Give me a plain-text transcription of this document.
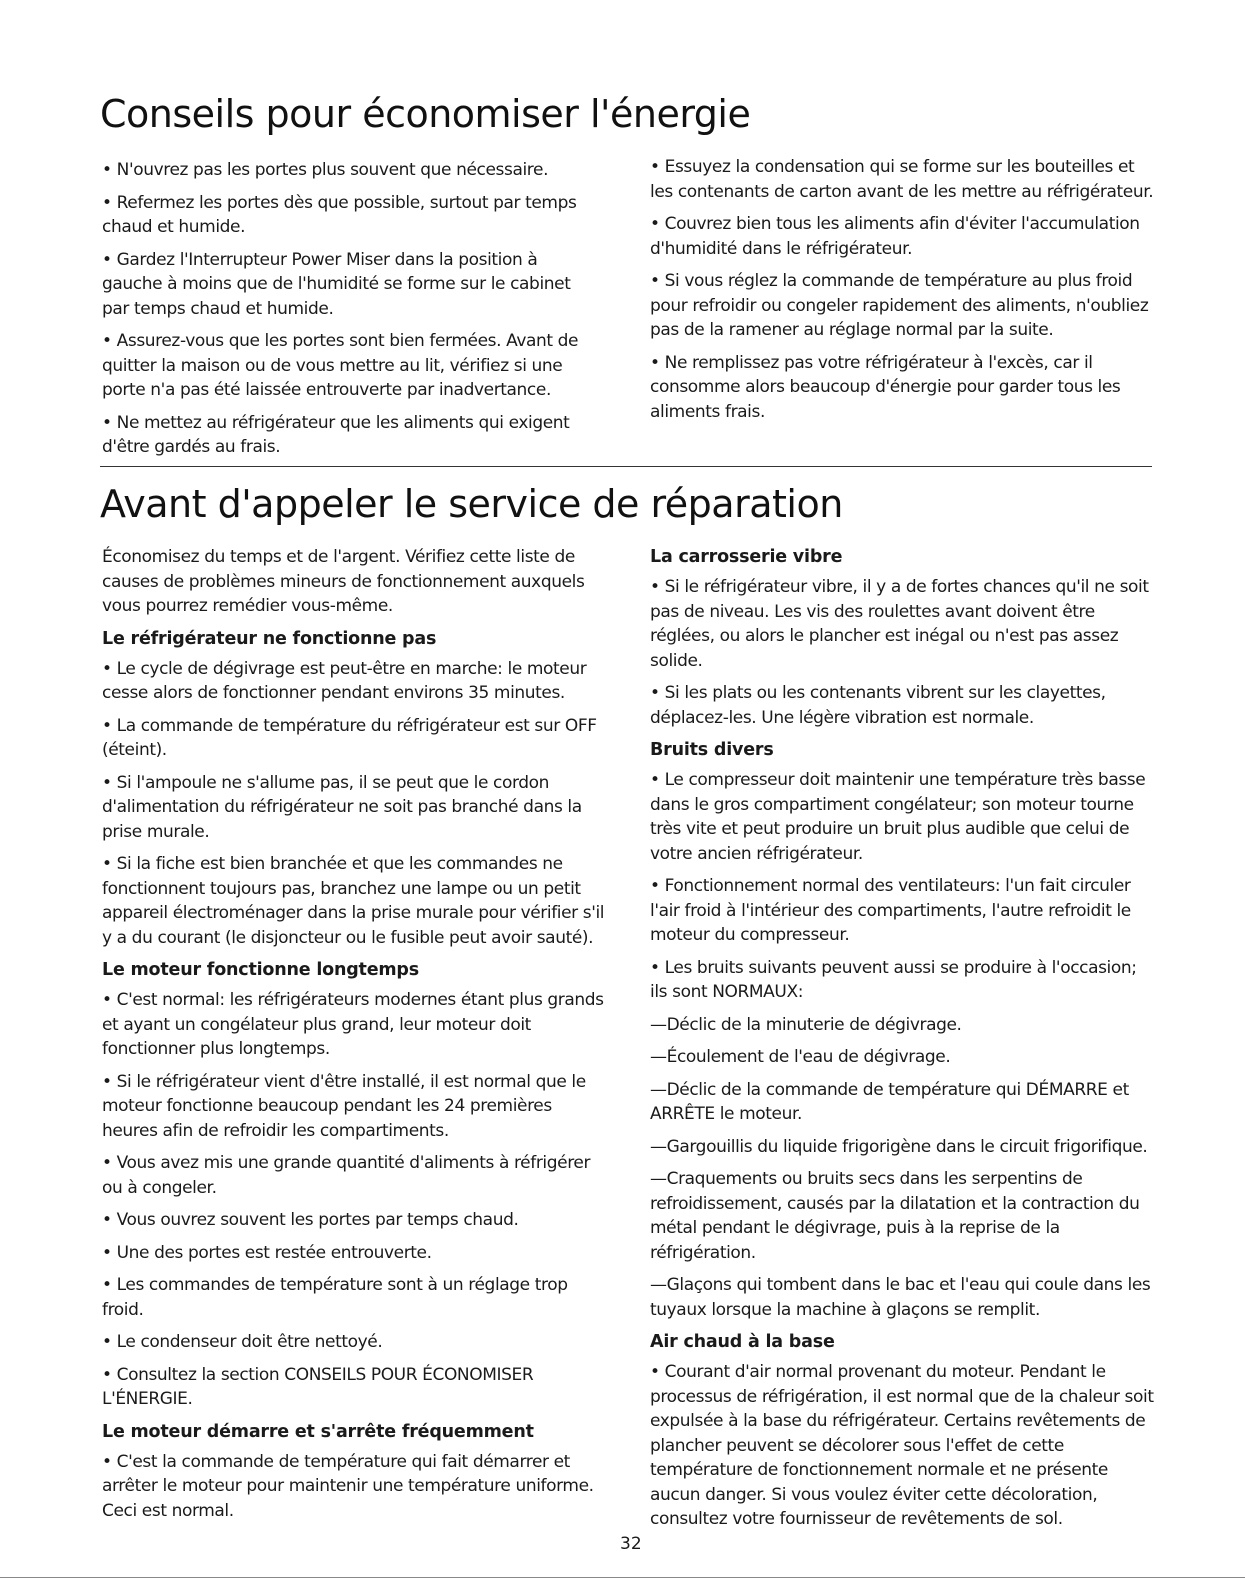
Conseils pour économiser l'énergie

• N'ouvrez pas les portes plus souvent que nécessaire.

• Refermez les portes dès que possible, surtout par temps chaud et humide.

• Gardez l'Interrupteur Power Miser dans la position à gauche à moins que de l'humidité se forme sur le cabinet par temps chaud et humide.

• Assurez-vous que les portes sont bien fermées. Avant de quitter la maison ou de vous mettre au lit, vérifiez si une porte n'a pas été laissée entrouverte par inadvertance.

• Ne mettez au réfrigérateur que les aliments qui exigent d'être gardés au frais.

• Essuyez la condensation qui se forme sur les bouteilles et les contenants de carton avant de les mettre au réfrigérateur.

• Couvrez bien tous les aliments afin d'éviter l'accumulation d'humidité dans le réfrigérateur.

• Si vous réglez la commande de température au plus froid pour refroidir ou congeler rapidement des aliments, n'oubliez pas de la ramener au réglage normal par la suite.

• Ne remplissez pas votre réfrigérateur à l'excès, car il consomme alors beaucoup d'énergie pour garder tous les aliments frais.

Avant d'appeler le service de réparation

Économisez du temps et de l'argent. Vérifiez cette liste de causes de problèmes mineurs de fonctionnement auxquels vous pourrez remédier vous-même.

Le réfrigérateur ne fonctionne pas

• Le cycle de dégivrage est peut-être en marche: le moteur cesse alors de fonctionner pendant environs 35 minutes.

• La commande de température du réfrigérateur est sur OFF (éteint).

• Si l'ampoule ne s'allume pas, il se peut que le cordon d'alimentation du réfrigérateur ne soit pas branché dans la prise murale.

• Si la fiche est bien branchée et que les commandes ne fonctionnent toujours pas, branchez une lampe ou un petit appareil électroménager dans la prise murale pour vérifier s'il y a du courant (le disjoncteur ou le fusible peut avoir sauté).

Le moteur fonctionne longtemps

• C'est normal: les réfrigérateurs modernes étant plus grands et ayant un congélateur plus grand, leur moteur doit fonctionner plus longtemps.

• Si le réfrigérateur vient d'être installé, il est normal que le moteur fonctionne beaucoup pendant les 24 premières heures afin de refroidir les compartiments.

• Vous avez mis une grande quantité d'aliments à réfrigérer ou à congeler.

• Vous ouvrez souvent les portes par temps chaud.

• Une des portes est restée entrouverte.

• Les commandes de température sont à un réglage trop froid.

• Le condenseur doit être nettoyé.

• Consultez la section CONSEILS POUR ÉCONOMISER L'ÉNERGIE.

Le moteur démarre et s'arrête fréquemment

• C'est la commande de température qui fait démarrer et arrêter le moteur pour maintenir une température uniforme. Ceci est normal.

La carrosserie vibre

• Si le réfrigérateur vibre, il y a de fortes chances qu'il ne soit pas de niveau. Les vis des roulettes avant doivent être réglées, ou alors le plancher est inégal ou n'est pas assez solide.

• Si les plats ou les contenants vibrent sur les clayettes, déplacez-les. Une légère vibration est normale.

Bruits divers

• Le compresseur doit maintenir une température très basse dans le gros compartiment congélateur; son moteur tourne très vite et peut produire un bruit plus audible que celui de votre ancien réfrigérateur.

• Fonctionnement normal des ventilateurs: l'un fait circuler l'air froid à l'intérieur des compartiments, l'autre refroidit le moteur du compresseur.

• Les bruits suivants peuvent aussi se produire à l'occasion; ils sont NORMAUX:

—Déclic de la minuterie de dégivrage.

—Écoulement de l'eau de dégivrage.

—Déclic de la commande de température qui DÉMARRE et ARRÊTE le moteur.

—Gargouillis du liquide frigorigène dans le circuit frigorifique.

—Craquements ou bruits secs dans les serpentins de refroidissement, causés par la dilatation et la contraction du métal pendant le dégivrage, puis à la reprise de la réfrigération.

—Glaçons qui tombent dans le bac et l'eau qui coule dans les tuyaux lorsque la machine à glaçons se remplit.

Air chaud à la base

• Courant d'air normal provenant du moteur. Pendant le processus de réfrigération, il est normal que de la chaleur soit expulsée à la base du réfrigérateur. Certains revêtements de plancher peuvent se décolorer sous l'effet de cette température de fonctionnement normale et ne présente aucun danger. Si vous voulez éviter cette décoloration, consultez votre fournisseur de revêtements de sol.

32
